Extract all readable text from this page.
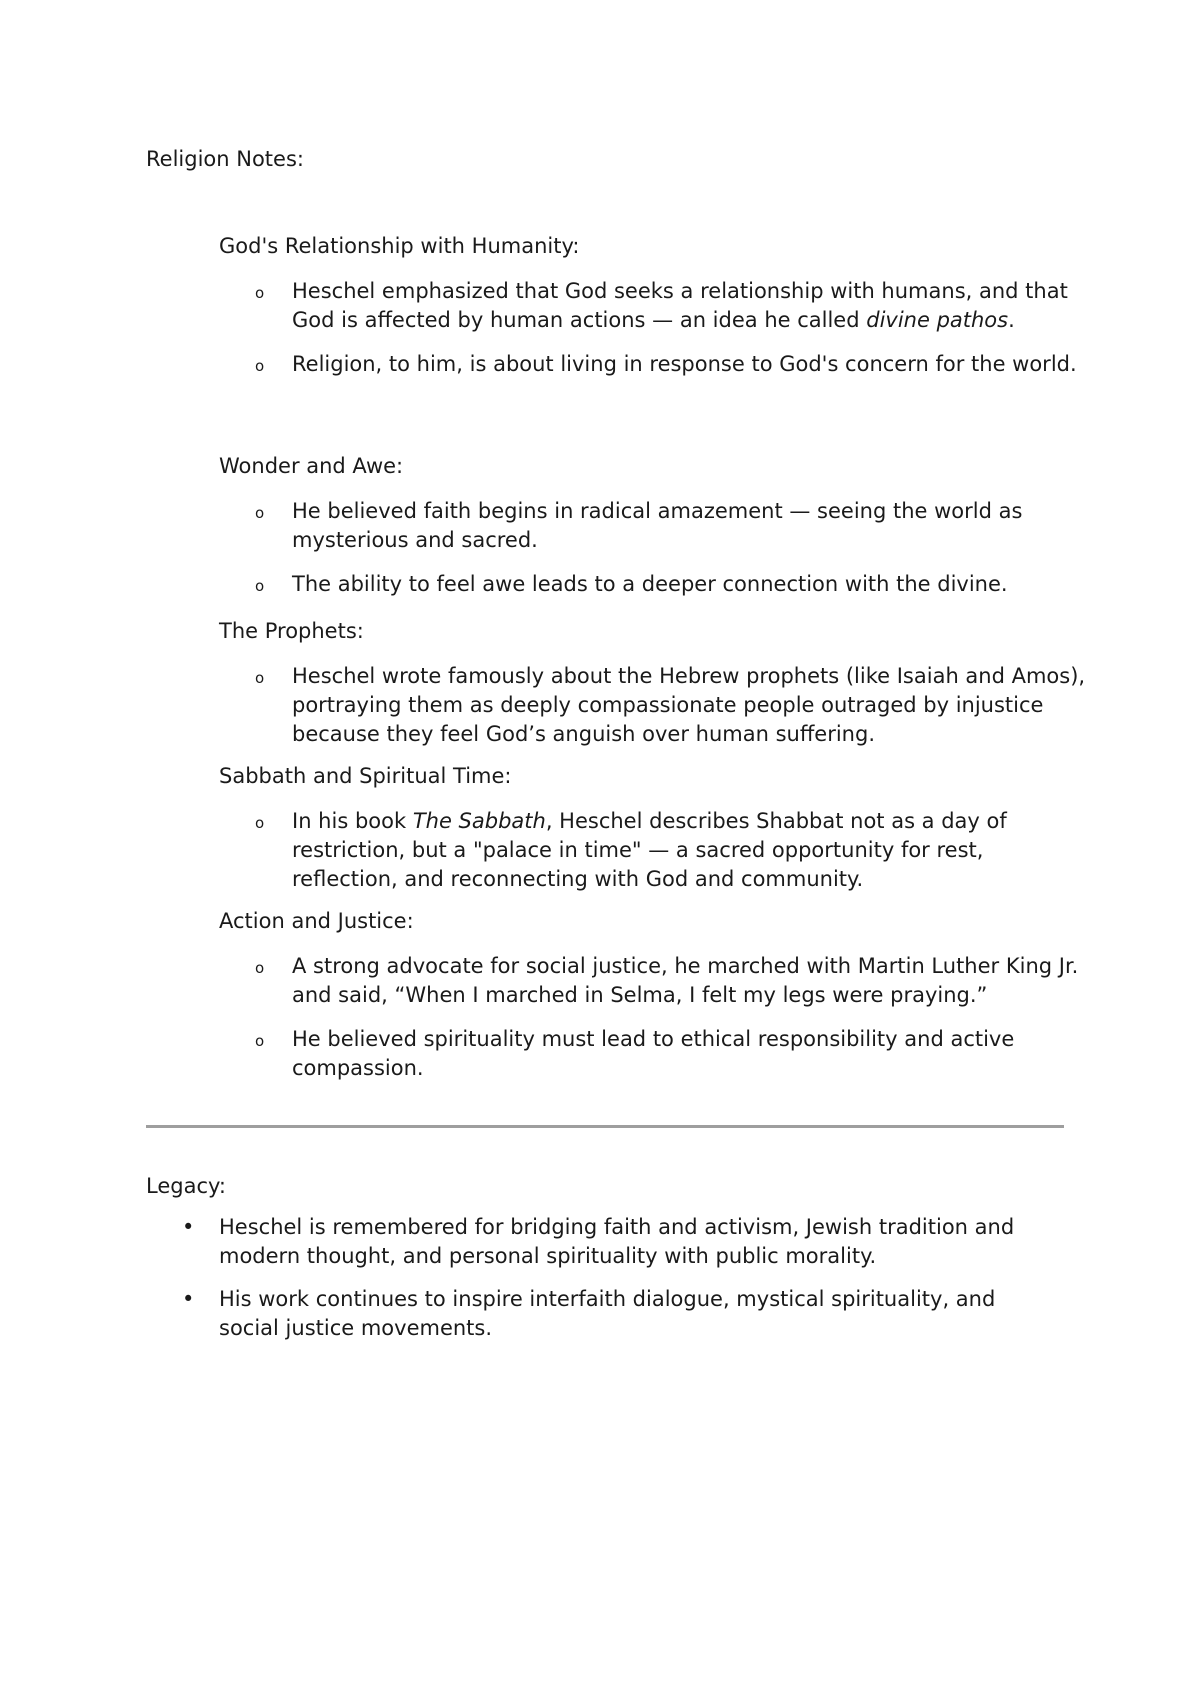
Religion Notes:
God's Relationship with Humanity:
o Heschel emphasized that God seeks a relationship with humans, and that God is affected by human actions — an idea he called divine pathos.
o Religion, to him, is about living in response to God's concern for the world.
Wonder and Awe:
o He believed faith begins in radical amazement — seeing the world as mysterious and sacred.
o The ability to feel awe leads to a deeper connection with the divine.
The Prophets:
o Heschel wrote famously about the Hebrew prophets (like Isaiah and Amos), portraying them as deeply compassionate people outraged by injustice because they feel God’s anguish over human suffering.
Sabbath and Spiritual Time:
o In his book The Sabbath, Heschel describes Shabbat not as a day of restriction, but a "palace in time" — a sacred opportunity for rest, reflection, and reconnecting with God and community.
Action and Justice:
o A strong advocate for social justice, he marched with Martin Luther King Jr. and said, “When I marched in Selma, I felt my legs were praying.”
o He believed spirituality must lead to ethical responsibility and active compassion.
Legacy:
• Heschel is remembered for bridging faith and activism, Jewish tradition and modern thought, and personal spirituality with public morality.
• His work continues to inspire interfaith dialogue, mystical spirituality, and social justice movements.
